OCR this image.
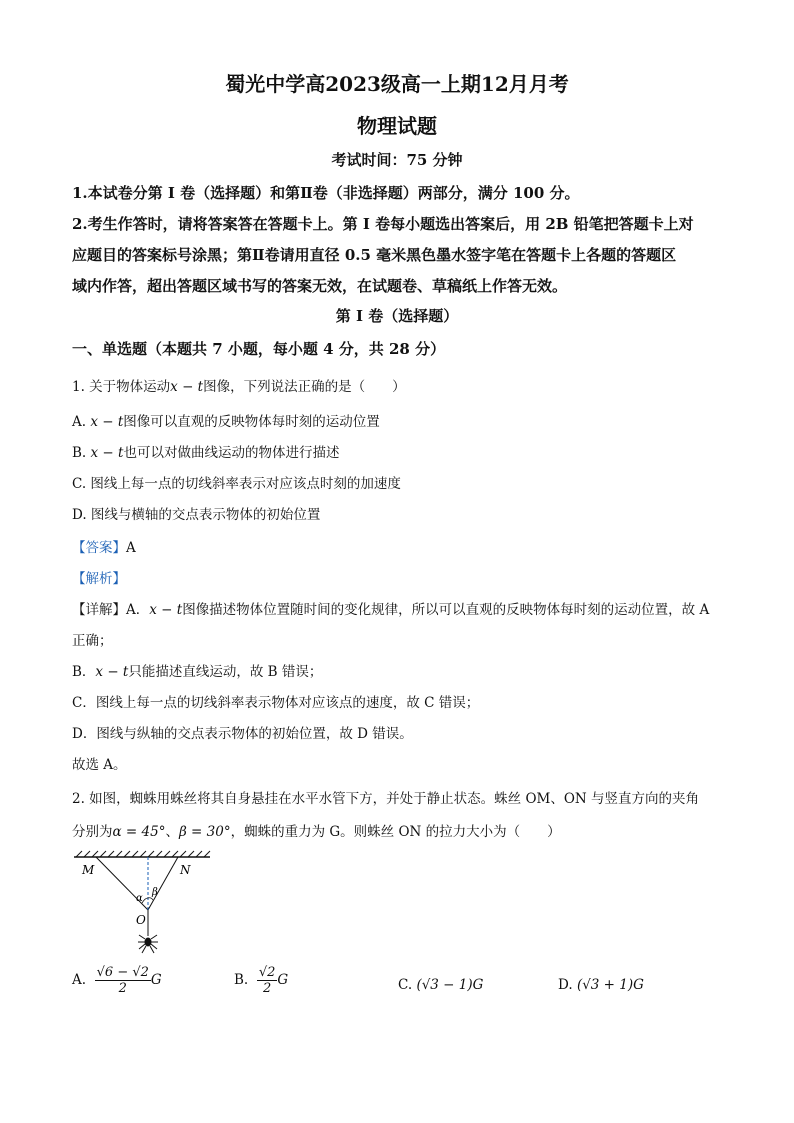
蜀光中学高2023级高一上期12月月考
物理试题
考试时间：75 分钟
1.本试卷分第 I 卷（选择题）和第Ⅱ卷（非选择题）两部分，满分 100 分。
2.考生作答时，请将答案答在答题卡上。第 I 卷每小题选出答案后，用 2B 铅笔把答题卡上对
应题目的答案标号涂黑；第Ⅱ卷请用直径 0.5 毫米黑色墨水签字笔在答题卡上各题的答题区
域内作答，超出答题区域书写的答案无效，在试题卷、草稿纸上作答无效。
第 I 卷（选择题）
一、单选题（本题共 7 小题，每小题 4 分，共 28 分）
1. 关于物体运动x − t图像，下列说法正确的是（　　）
A. x − t图像可以直观的反映物体每时刻的运动位置
B. x − t也可以对做曲线运动的物体进行描述
C. 图线上每一点的切线斜率表示对应该点时刻的加速度
D. 图线与横轴的交点表示物体的初始位置
【答案】A
【解析】
【详解】A．x − t图像描述物体位置随时间的变化规律，所以可以直观的反映物体每时刻的运动位置，故 A
正确；
B．x − t只能描述直线运动，故 B 错误；
C．图线上每一点的切线斜率表示物体对应该点的速度，故 C 错误；
D．图线与纵轴的交点表示物体的初始位置，故 D 错误。
故选 A。
2. 如图，蜘蛛用蛛丝将其自身悬挂在水平水管下方，并处于静止状态。蛛丝 OM、ON 与竖直方向的夹角
分别为α = 45°、β = 30°，蜘蛛的重力为 G。则蛛丝 ON 的拉力大小为（　　）
M	N
O
α
β
A. $\frac{√6 - √2}{2}$ G	B. $\frac{√2}{2}$ G	C. (√3 − 1)G	D. (√3 + 1)G
